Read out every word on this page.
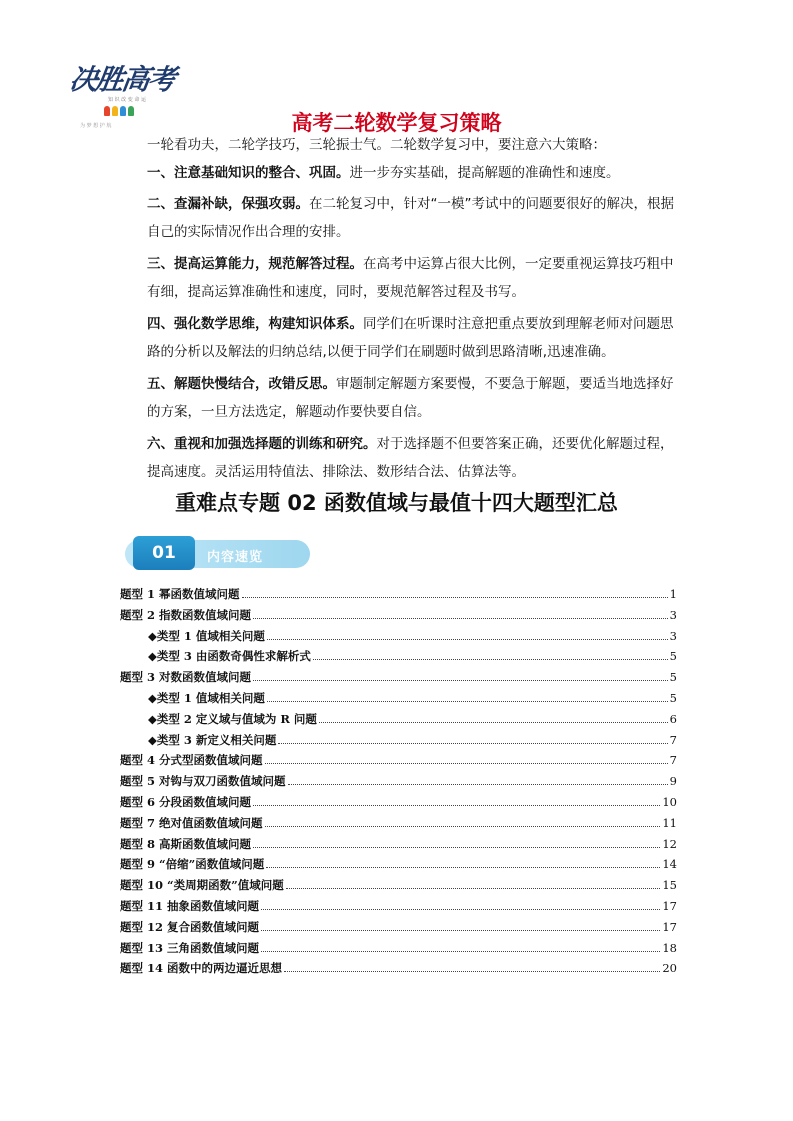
决胜高考
知 识 改 变 命 运
为 梦 想 护 航	高考二轮数学复习策略
一轮看功夫，二轮学技巧，三轮振士气。二轮数学复习中，要注意六大策略：
一、注意基础知识的整合、巩固。进一步夯实基础，提高解题的准确性和速度。
二、查漏补缺，保强攻弱。在二轮复习中，针对“一模”考试中的问题要很好的解决，根据自己的实际情况作出合理的安排。
三、提高运算能力，规范解答过程。在高考中运算占很大比例，一定要重视运算技巧粗中有细，提高运算准确性和速度，同时，要规范解答过程及书写。
四、强化数学思维，构建知识体系。同学们在听课时注意把重点要放到理解老师对问题思路的分析以及解法的归纳总结,以便于同学们在刷题时做到思路清晰,迅速准确。
五、解题快慢结合，改错反思。审题制定解题方案要慢，不要急于解题，要适当地选择好的方案，一旦方法选定，解题动作要快要自信。
六、重视和加强选择题的训练和研究。对于选择题不但要答案正确，还要优化解题过程，提高速度。灵活运用特值法、排除法、数形结合法、估算法等。
重难点专题 02 函数值域与最值十四大题型汇总
01	内容速览
题型 1 幂函数值域问题	1
题型 2 指数函数值域问题	3
◆类型 1 值域相关问题	3
◆类型 3 由函数奇偶性求解析式	5
题型 3 对数函数值域问题	5
◆类型 1 值域相关问题	5
◆类型 2 定义域与值域为 R 问题	6
◆类型 3 新定义相关问题	7
题型 4 分式型函数值域问题	7
题型 5 对钩与双刀函数值域问题	9
题型 6 分段函数值域问题	10
题型 7 绝对值函数值域问题	11
题型 8 高斯函数值域问题	12
题型 9 “倍缩”函数值域问题	14
题型 10 “类周期函数”值域问题	15
题型 11 抽象函数值域问题	17
题型 12 复合函数值域问题	17
题型 13 三角函数值域问题	18
题型 14 函数中的两边逼近思想	20
